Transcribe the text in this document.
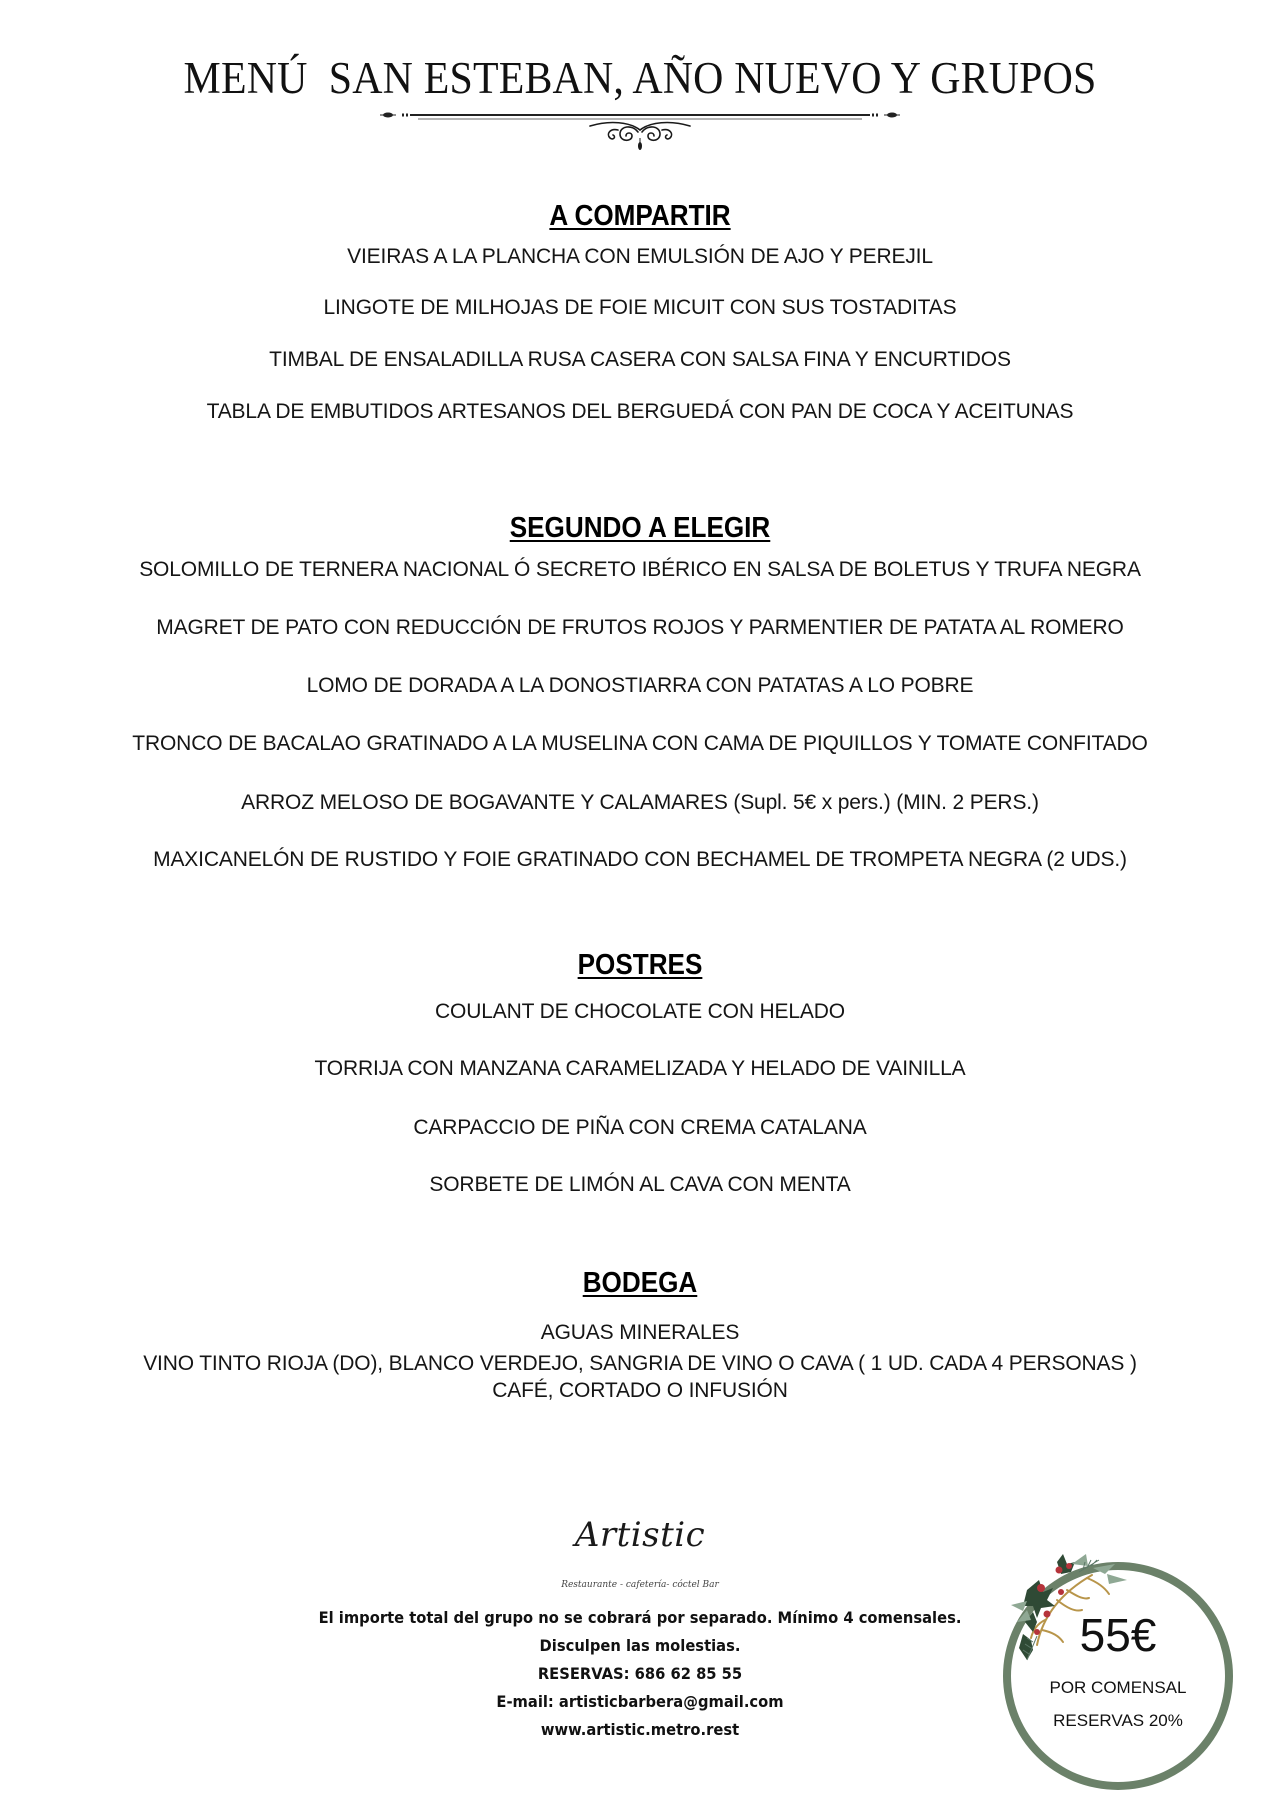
MENÚ  SAN ESTEBAN, AÑO NUEVO Y GRUPOS
A COMPARTIR
VIEIRAS A LA PLANCHA CON EMULSIÓN DE AJO Y PEREJIL
LINGOTE DE MILHOJAS DE FOIE MICUIT CON SUS TOSTADITAS
TIMBAL DE ENSALADILLA RUSA CASERA CON SALSA FINA Y ENCURTIDOS
TABLA DE EMBUTIDOS ARTESANOS DEL BERGUEDÁ CON PAN DE COCA Y ACEITUNAS
SEGUNDO A ELEGIR
SOLOMILLO DE TERNERA NACIONAL Ó SECRETO IBÉRICO EN SALSA DE BOLETUS Y TRUFA NEGRA
MAGRET DE PATO CON REDUCCIÓN DE FRUTOS ROJOS Y PARMENTIER DE PATATA AL ROMERO
LOMO DE DORADA A LA DONOSTIARRA CON PATATAS A LO POBRE
TRONCO DE BACALAO GRATINADO A LA MUSELINA CON CAMA DE PIQUILLOS Y TOMATE CONFITADO
ARROZ MELOSO DE BOGAVANTE Y CALAMARES (Supl. 5€ x pers.) (MIN. 2 PERS.)
MAXICANELÓN DE RUSTIDO Y FOIE GRATINADO CON BECHAMEL DE TROMPETA NEGRA (2 UDS.)
POSTRES
COULANT DE CHOCOLATE CON HELADO
TORRIJA CON MANZANA CARAMELIZADA Y HELADO DE VAINILLA
CARPACCIO DE PIÑA CON CREMA CATALANA
SORBETE DE LIMÓN AL CAVA CON MENTA
BODEGA
AGUAS MINERALES
VINO TINTO RIOJA (DO), BLANCO VERDEJO, SANGRIA DE VINO O CAVA ( 1 UD. CADA 4 PERSONAS )
CAFÉ, CORTADO O INFUSIÓN
Artistic
Restaurante - cafetería- cóctel Bar
El importe total del grupo no se cobrará por separado. Mínimo 4 comensales.
Disculpen las molestias.
RESERVAS: 686 62 85 55
E-mail: artisticbarbera@gmail.com
www.artistic.metro.rest
55€
POR COMENSAL
RESERVAS 20%
